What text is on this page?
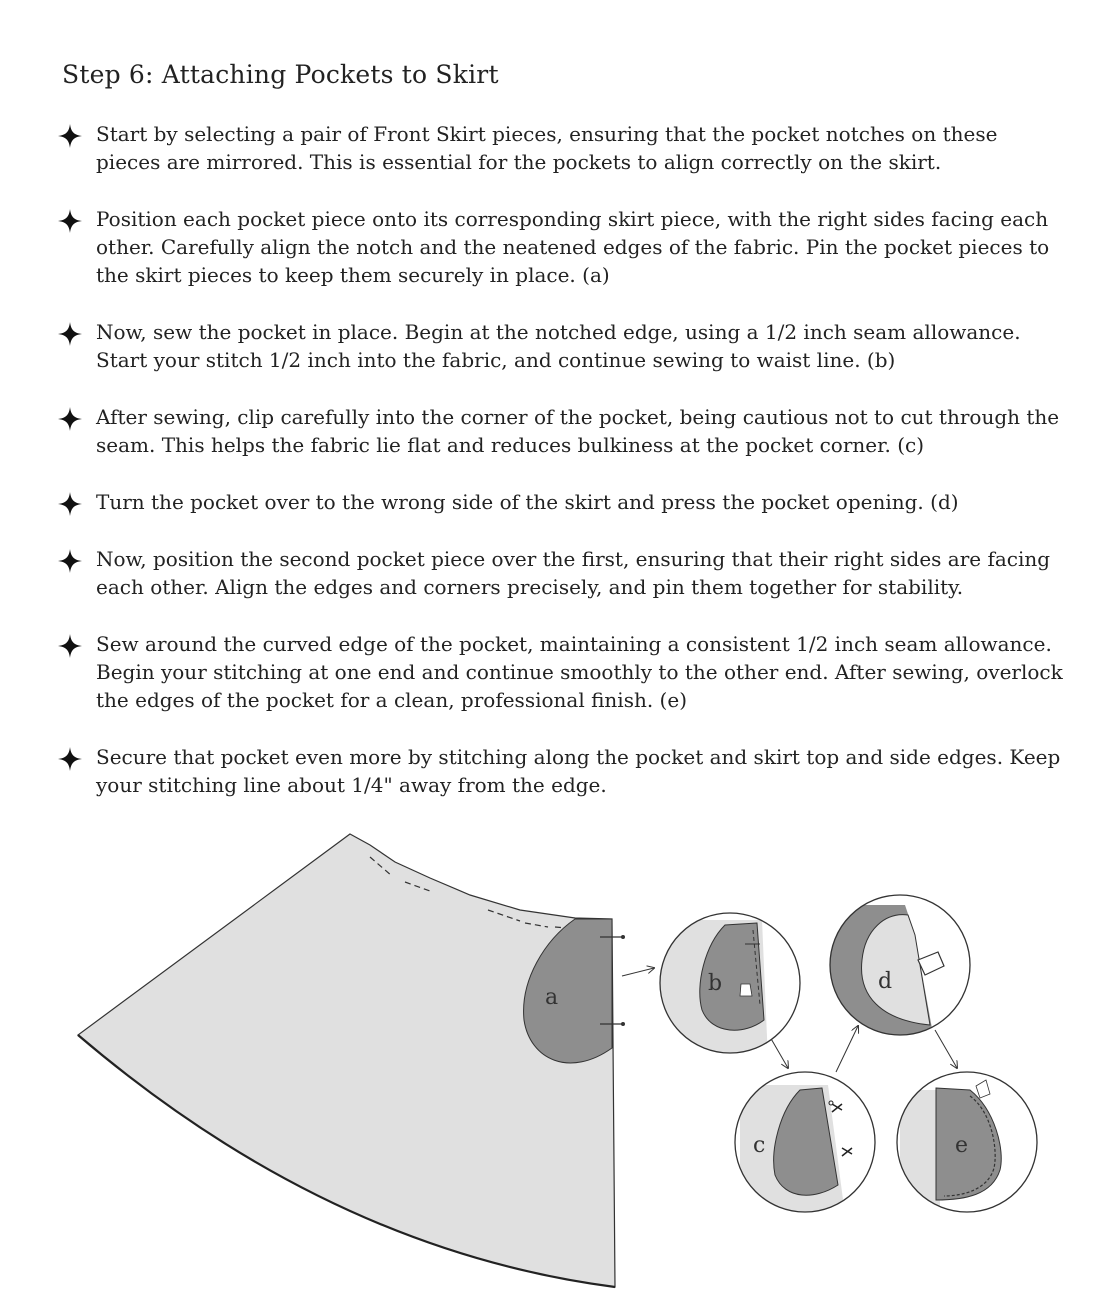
Step 6: Attaching Pockets to Skirt
Start by selecting a pair of Front Skirt pieces, ensuring that the pocket notches on these pieces are mirrored. This is essential for the pockets to align correctly on the skirt.
Position each pocket piece onto its corresponding skirt piece, with the right sides facing each other. Carefully align the notch and the neatened edges of the fabric. Pin the pocket pieces to the skirt pieces to keep them securely in place. (a)
Now, sew the pocket in place. Begin at the notched edge, using a 1/2 inch seam allowance. Start your stitch 1/2 inch into the fabric, and continue sewing to waist line. (b)
After sewing, clip carefully into the corner of the pocket, being cautious not to cut through the seam. This helps the fabric lie flat and reduces bulkiness at the pocket corner. (c)
Turn the pocket over to the wrong side of the skirt and press the pocket opening. (d)
Now, position the second pocket piece over the first, ensuring that their right sides are facing each other. Align the edges and corners precisely, and pin them together for stability.
Sew around the curved edge of the pocket, maintaining a consistent 1/2 inch seam allowance. Begin your stitching at one end and continue smoothly to the other end. After sewing, overlock the edges of the pocket for a clean, professional finish. (e)
Secure that pocket even more by stitching along the pocket and skirt top and side edges. Keep your stitching line about 1/4" away from the edge.
a
b	d
c	e
